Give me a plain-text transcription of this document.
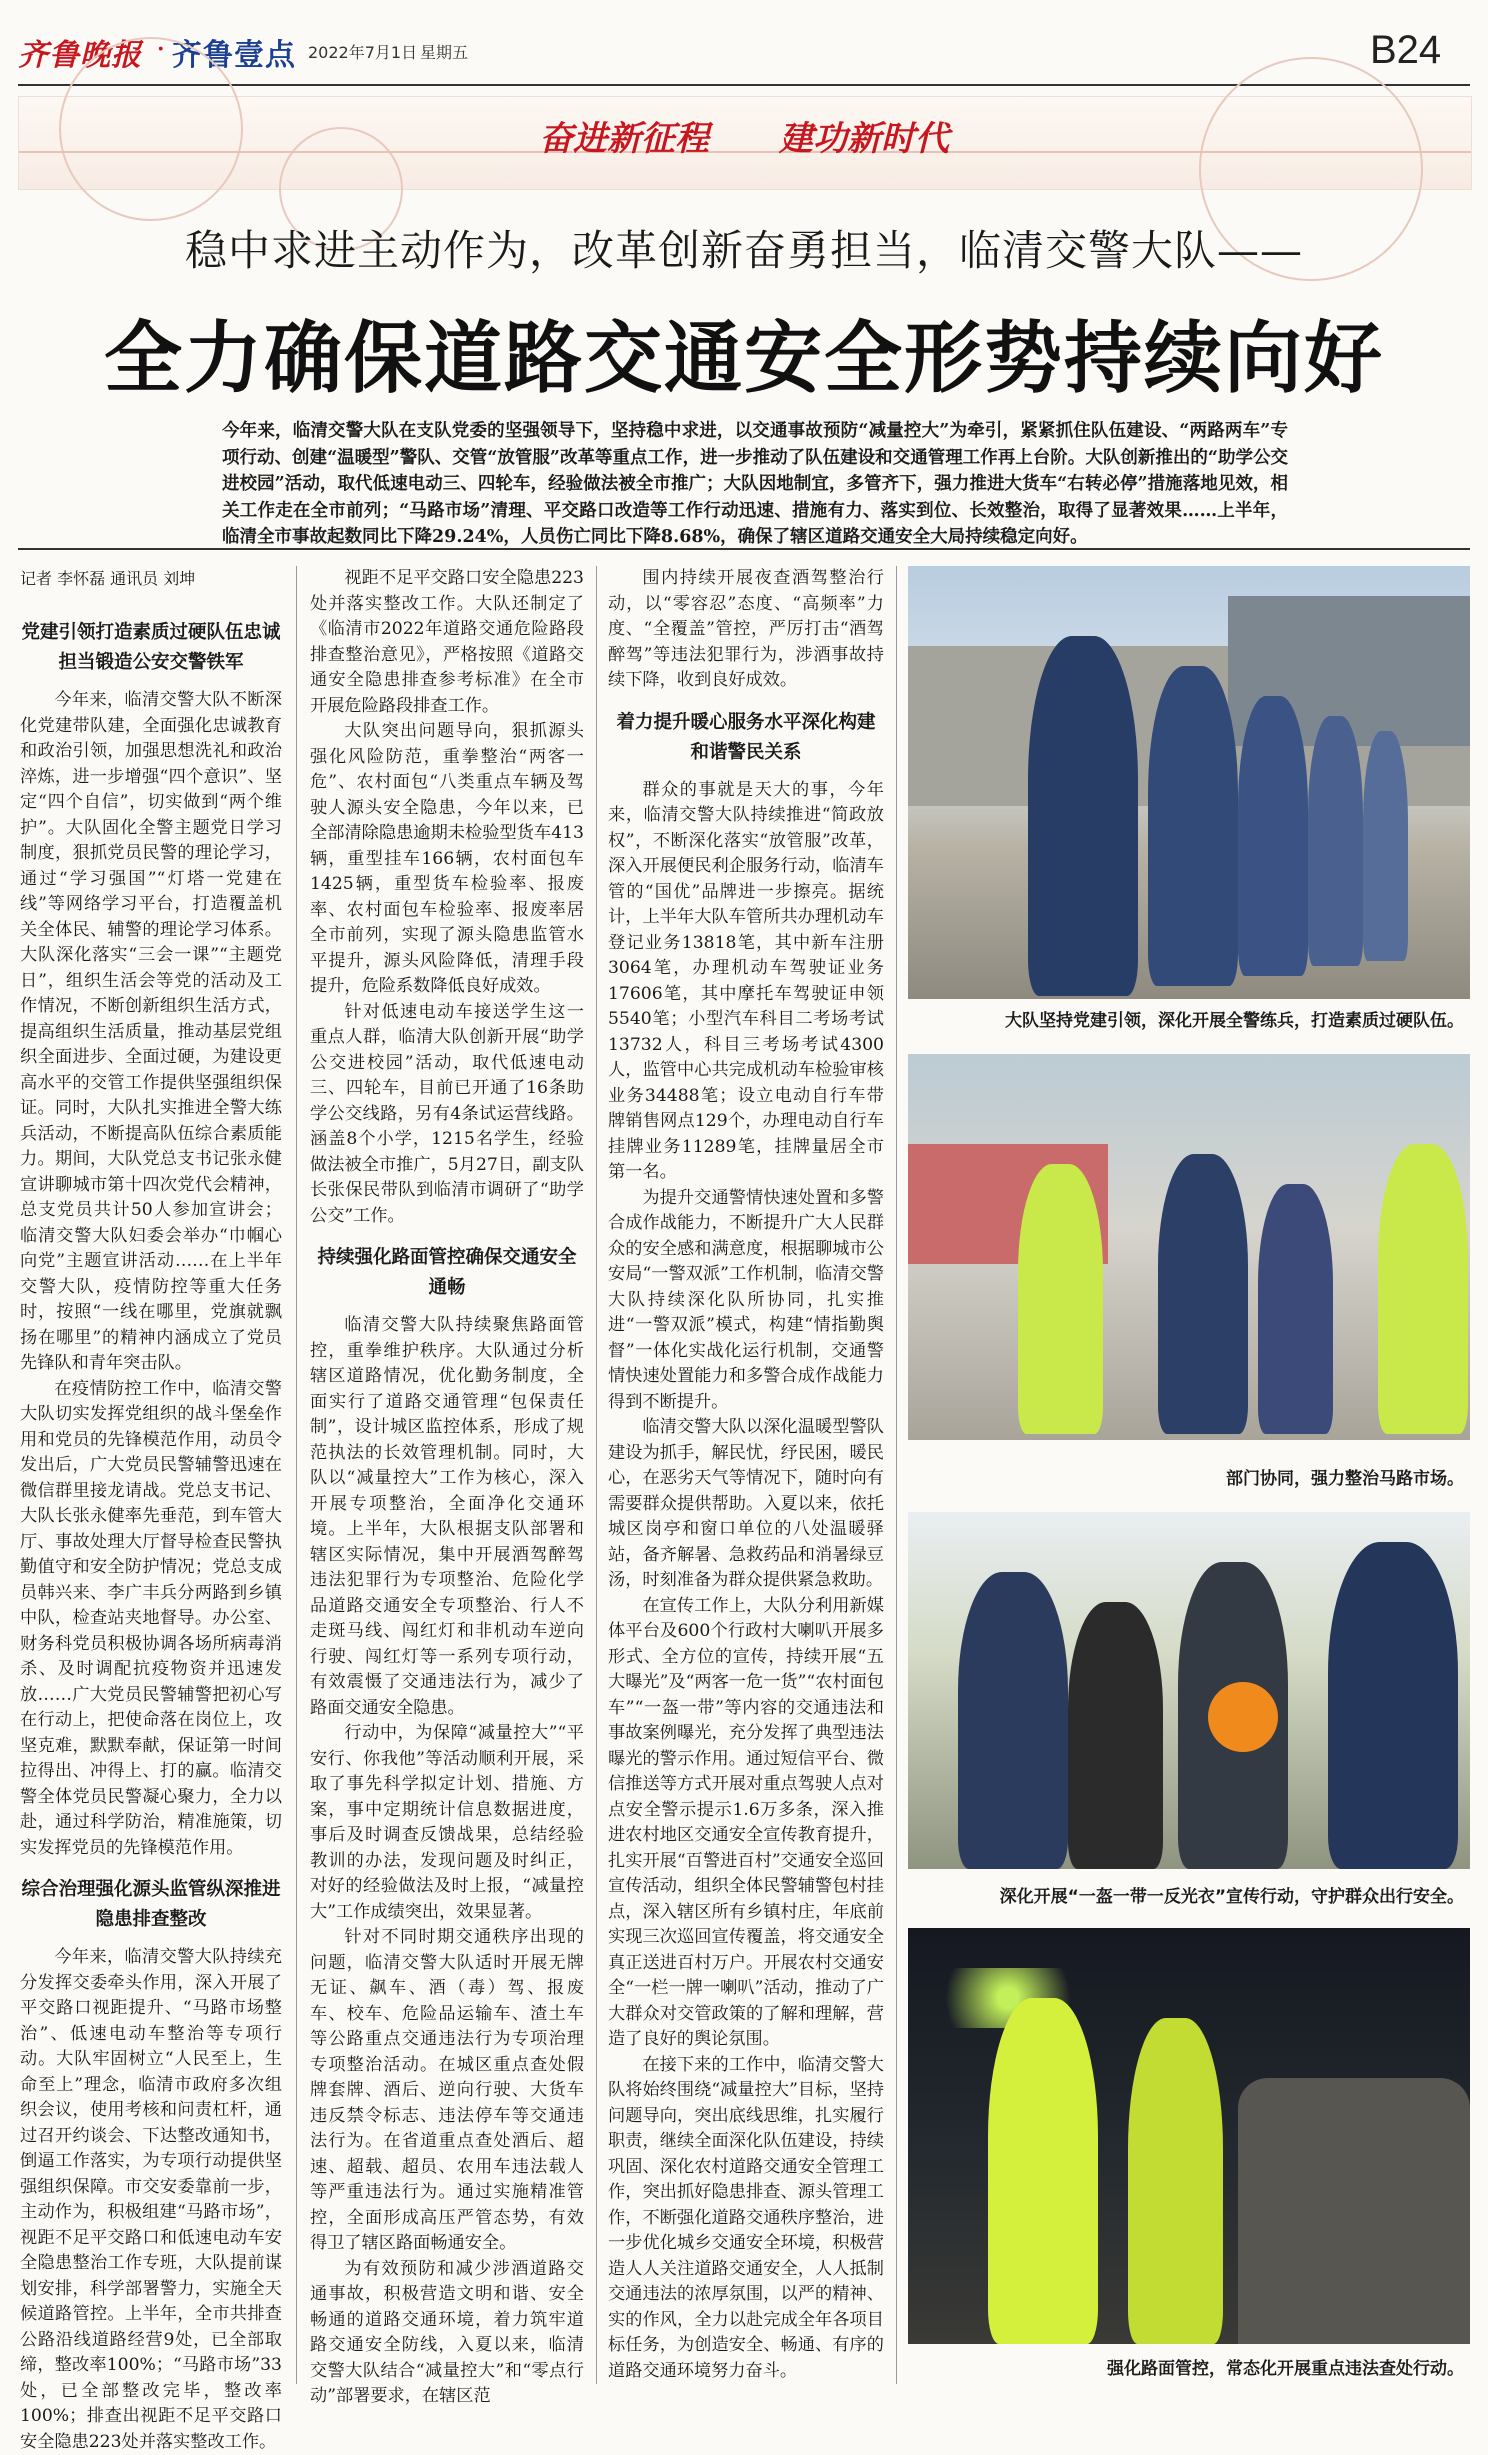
齐鲁晚报 · 齐鲁壹点 2022年7月1日 星期五	B24
奋进新征程 建功新时代
稳中求进主动作为，改革创新奋勇担当，临清交警大队——
全力确保道路交通安全形势持续向好
今年来，临清交警大队在支队党委的坚强领导下，坚持稳中求进，以交通事故预防“减量控大”为牵引，紧紧抓住队伍建设、“两路两车”专项行动、创建“温暖型”警队、交管“放管服”改革等重点工作，进一步推动了队伍建设和交通管理工作再上台阶。大队创新推出的“助学公交进校园”活动，取代低速电动三、四轮车，经验做法被全市推广；大队因地制宜，多管齐下，强力推进大货车“右转必停”措施落地见效，相关工作走在全市前列；“马路市场”清理、平交路口改造等工作行动迅速、措施有力、落实到位、长效整治，取得了显著效果……上半年，临清全市事故起数同比下降29.24%，人员伤亡同比下降8.68%，确保了辖区道路交通安全大局持续稳定向好。
记者 李怀磊 通讯员 刘坤
党建引领打造素质过硬队伍忠诚担当锻造公安交警铁军

今年来，临清交警大队不断深化党建带队建，全面强化忠诚教育和政治引领，加强思想洗礼和政治淬炼，进一步增强“四个意识”、坚定“四个自信”，切实做到“两个维护”。大队固化全警主题党日学习制度，狠抓党员民警的理论学习，通过“学习强国”“灯塔一党建在线”等网络学习平台，打造覆盖机关全体民、辅警的理论学习体系。大队深化落实“三会一课”“主题党日”，组织生活会等党的活动及工作情况，不断创新组织生活方式，提高组织生活质量，推动基层党组织全面进步、全面过硬，为建设更高水平的交管工作提供坚强组织保证。同时，大队扎实推进全警大练兵活动，不断提高队伍综合素质能力。期间，大队党总支书记张永健宣讲聊城市第十四次党代会精神，总支党员共计50人参加宣讲会；临清交警大队妇委会举办“巾帼心向党”主题宣讲活动……在上半年交警大队，疫情防控等重大任务时，按照“一线在哪里，党旗就飘扬在哪里”的精神内涵成立了党员先锋队和青年突击队。

在疫情防控工作中，临清交警大队切实发挥党组织的战斗堡垒作用和党员的先锋模范作用，动员令发出后，广大党员民警辅警迅速在微信群里接龙请战。党总支书记、大队长张永健率先垂范，到车管大厅、事故处理大厅督导检查民警执勤值守和安全防护情况；党总支成员韩兴来、李广丰兵分两路到乡镇中队，检查站夹地督导。办公室、财务科党员积极协调各场所病毒消杀、及时调配抗疫物资并迅速发放……广大党员民警辅警把初心写在行动上，把使命落在岗位上，攻坚克难，默默奉献，保证第一时间拉得出、冲得上、打的赢。临清交警全体党员民警凝心聚力，全力以赴，通过科学防治，精准施策，切实发挥党员的先锋模范作用。

综合治理强化源头监管纵深推进隐患排查整改

今年来，临清交警大队持续充分发挥交委牵头作用，深入开展了平交路口视距提升、“马路市场整治”、低速电动车整治等专项行动。大队牢固树立“人民至上，生命至上”理念，临清市政府多次组织会议，使用考核和问责杠杆，通过召开约谈会、下达整改通知书，倒逼工作落实，为专项行动提供坚强组织保障。市交安委靠前一步，主动作为，积极组建“马路市场”，视距不足平交路口和低速电动车安全隐患整治工作专班，大队提前谋划安排，科学部署警力，实施全天候道路管控。上半年，全市共排查公路沿线道路经营9处，已全部取缔，整改率100%；“马路市场”33处，已全部整改完毕，整改率100%；排查出视距不足平交路口安全隐患223处并落实整改工作。

视距不足平交路口安全隐患223处并落实整改工作。大队还制定了《临清市2022年道路交通危险路段排查整治意见》，严格按照《道路交通安全隐患排查参考标准》在全市开展危险路段排查工作。

大队突出问题导向，狠抓源头强化风险防范，重拳整治“两客一危”、农村面包“八类重点车辆及驾驶人源头安全隐患，今年以来，已全部清除隐患逾期未检验型货车413辆，重型挂车166辆，农村面包车1425辆，重型货车检验率、报废率、农村面包车检验率、报废率居全市前列，实现了源头隐患监管水平提升，源头风险降低，清理手段提升，危险系数降低良好成效。

针对低速电动车接送学生这一重点人群，临清大队创新开展“助学公交进校园”活动，取代低速电动三、四轮车，目前已开通了16条助学公交线路，另有4条试运营线路。涵盖8个小学，1215名学生，经验做法被全市推广，5月27日，副支队长张保民带队到临清市调研了“助学公交”工作。

持续强化路面管控确保交通安全通畅

临清交警大队持续聚焦路面管控，重拳维护秩序。大队通过分析辖区道路情况，优化勤务制度，全面实行了道路交通管理“包保责任制”，设计城区监控体系，形成了规范执法的长效管理机制。同时，大队以“减量控大”工作为核心，深入开展专项整治，全面净化交通环境。上半年，大队根据支队部署和辖区实际情况，集中开展酒驾醉驾违法犯罪行为专项整治、危险化学品道路交通安全专项整治、行人不走斑马线、闯红灯和非机动车逆向行驶、闯红灯等一系列专项行动，有效震慑了交通违法行为，减少了路面交通安全隐患。

行动中，为保障“减量控大”“平安行、你我他”等活动顺利开展，采取了事先科学拟定计划、措施、方案，事中定期统计信息数据进度，事后及时调查反馈战果，总结经验教训的办法，发现问题及时纠正，对好的经验做法及时上报，“减量控大”工作成绩突出，效果显著。

针对不同时期交通秩序出现的问题，临清交警大队适时开展无牌无证、飙车、酒（毒）驾、报废车、校车、危险品运输车、渣土车等公路重点交通违法行为专项治理专项整治活动。在城区重点查处假牌套牌、酒后、逆向行驶、大货车违反禁令标志、违法停车等交通违法行为。在省道重点查处酒后、超速、超载、超员、农用车违法载人等严重违法行为。通过实施精准管控，全面形成高压严管态势，有效得卫了辖区路面畅通安全。

为有效预防和减少涉酒道路交通事故，积极营造文明和谐、安全畅通的道路交通环境，着力筑牢道路交通安全防线，入夏以来，临清交警大队结合“减量控大”和“零点行动”部署要求，在辖区范

围内持续开展夜查酒驾整治行动，以“零容忍”态度、“高频率”力度、“全覆盖”管控，严厉打击“酒驾醉驾”等违法犯罪行为，涉酒事故持续下降，收到良好成效。

着力提升暖心服务水平深化构建和谐警民关系

群众的事就是天大的事，今年来，临清交警大队持续推进“简政放权”，不断深化落实“放管服”改革，深入开展便民利企服务行动，临清车管的“国优”品牌进一步擦亮。据统计，上半年大队车管所共办理机动车登记业务13818笔，其中新车注册3064笔，办理机动车驾驶证业务17606笔，其中摩托车驾驶证申领5540笔；小型汽车科目二考场考试13732人，科目三考场考试4300人，监管中心共完成机动车检验审核业务34488笔；设立电动自行车带牌销售网点129个，办理电动自行车挂牌业务11289笔，挂牌量居全市第一名。

为提升交通警情快速处置和多警合成作战能力，不断提升广大人民群众的安全感和满意度，根据聊城市公安局“一警双派”工作机制，临清交警大队持续深化队所协同，扎实推进“一警双派”模式，构建“情指勤舆督”一体化实战化运行机制，交通警情快速处置能力和多警合成作战能力得到不断提升。

临清交警大队以深化温暖型警队建设为抓手，解民忧，纾民困，暖民心，在恶劣天气等情况下，随时向有需要群众提供帮助。入夏以来，依托城区岗亭和窗口单位的八处温暖驿站，备齐解暑、急救药品和消暑绿豆汤，时刻准备为群众提供紧急救助。

在宣传工作上，大队分利用新媒体平台及600个行政村大喇叭开展多形式、全方位的宣传，持续开展“五大曝光”及“两客一危一货”“农村面包车”“一盔一带”等内容的交通违法和事故案例曝光，充分发挥了典型违法曝光的警示作用。通过短信平台、微信推送等方式开展对重点驾驶人点对点安全警示提示1.6万多条，深入推进农村地区交通安全宣传教育提升，扎实开展“百警进百村”交通安全巡回宣传活动，组织全体民警辅警包村挂点，深入辖区所有乡镇村庄，年底前实现三次巡回宣传覆盖，将交通安全真正送进百村万户。开展农村交通安全“一栏一牌一喇叭”活动，推动了广大群众对交管政策的了解和理解，营造了良好的舆论氛围。

在接下来的工作中，临清交警大队将始终围绕“减量控大”目标，坚持问题导向，突出底线思维，扎实履行职责，继续全面深化队伍建设，持续巩固、深化农村道路交通安全管理工作，突出抓好隐患排查、源头管理工作，不断强化道路交通秩序整治，进一步优化城乡交通安全环境，积极营造人人关注道路交通安全，人人抵制交通违法的浓厚氛围，以严的精神、实的作风，全力以赴完成全年各项目标任务，为创造安全、畅通、有序的道路交通环境努力奋斗。

大队坚持党建引领，深化开展全警练兵，打造素质过硬队伍。
部门协同，强力整治马路市场。
深化开展“一盔一带一反光衣”宣传行动，守护群众出行安全。
强化路面管控，常态化开展重点违法查处行动。
